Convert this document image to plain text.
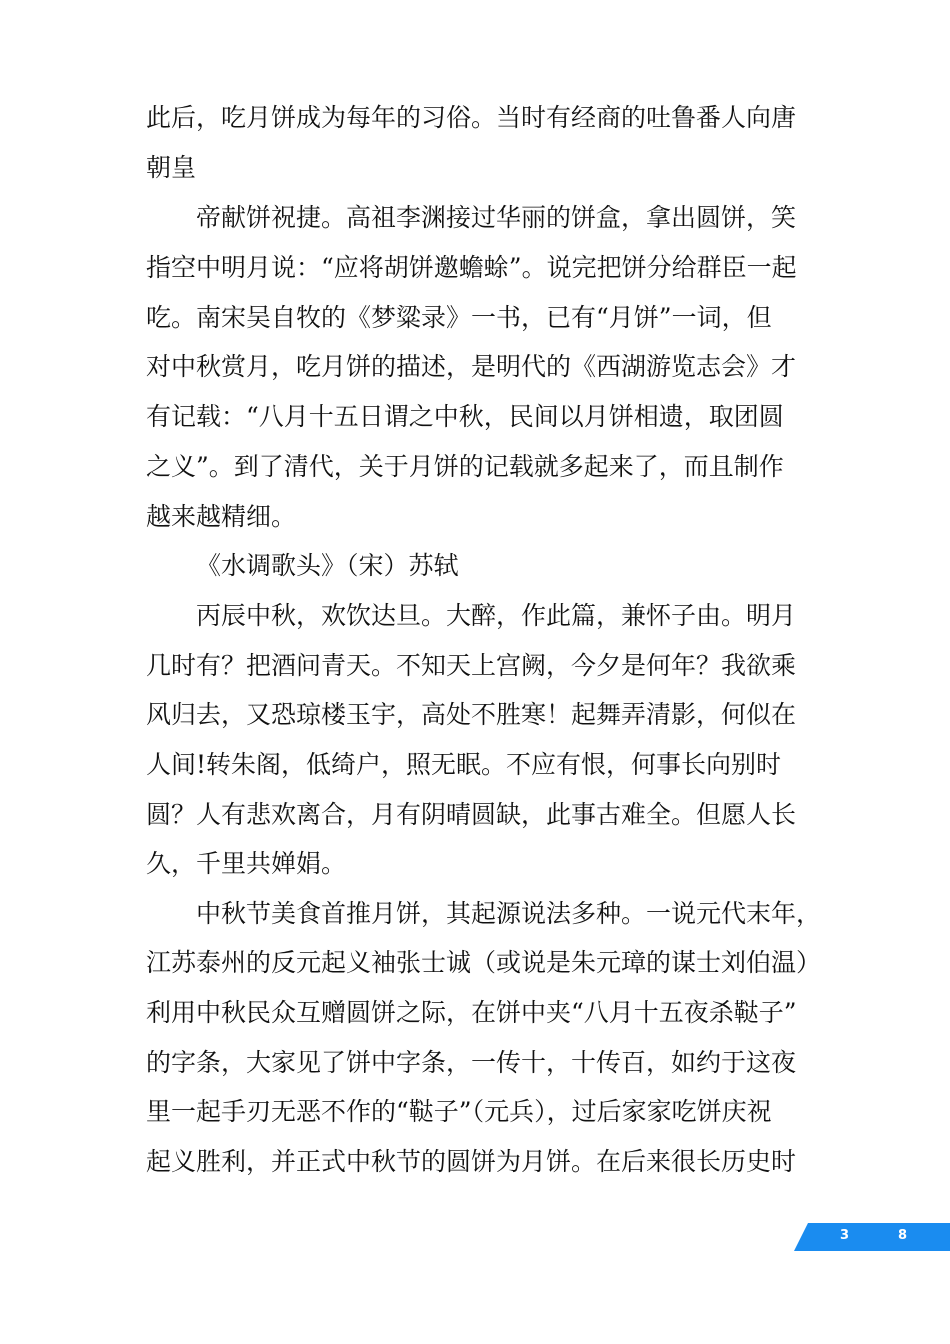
此后，吃月饼成为每年的习俗。当时有经商的吐鲁番人向唐
朝皇
帝献饼祝捷。高祖李渊接过华丽的饼盒，拿出圆饼，笑
指空中明月说：“应将胡饼邀蟾蜍”。说完把饼分给群臣一起
吃。南宋吴自牧的《梦粱录》一书，已有“月饼”一词，但
对中秋赏月，吃月饼的描述，是明代的《西湖游览志会》才
有记载：“八月十五日谓之中秋，民间以月饼相遗，取团圆
之义”。到了清代，关于月饼的记载就多起来了，而且制作
越来越精细。
《水调歌头》（宋）苏轼
丙辰中秋，欢饮达旦。大醉，作此篇，兼怀子由。明月
几时有？把酒问青天。不知天上宫阙，今夕是何年？我欲乘
风归去，又恐琼楼玉宇，高处不胜寒！起舞弄清影，何似在
人间!转朱阁，低绮户，照无眠。不应有恨，何事长向别时
圆？人有悲欢离合，月有阴晴圆缺，此事古难全。但愿人长
久，千里共婵娟。
中秋节美食首推月饼，其起源说法多种。一说元代末年，
江苏泰州的反元起义袖张士诚（或说是朱元璋的谋士刘伯温）
利用中秋民众互赠圆饼之际，在饼中夹“八月十五夜杀鞑子”
的字条，大家见了饼中字条，一传十，十传百，如约于这夜
里一起手刃无恶不作的“鞑子”（元兵），过后家家吃饼庆祝
起义胜利，并正式中秋节的圆饼为月饼。在后来很长历史时
3	8
